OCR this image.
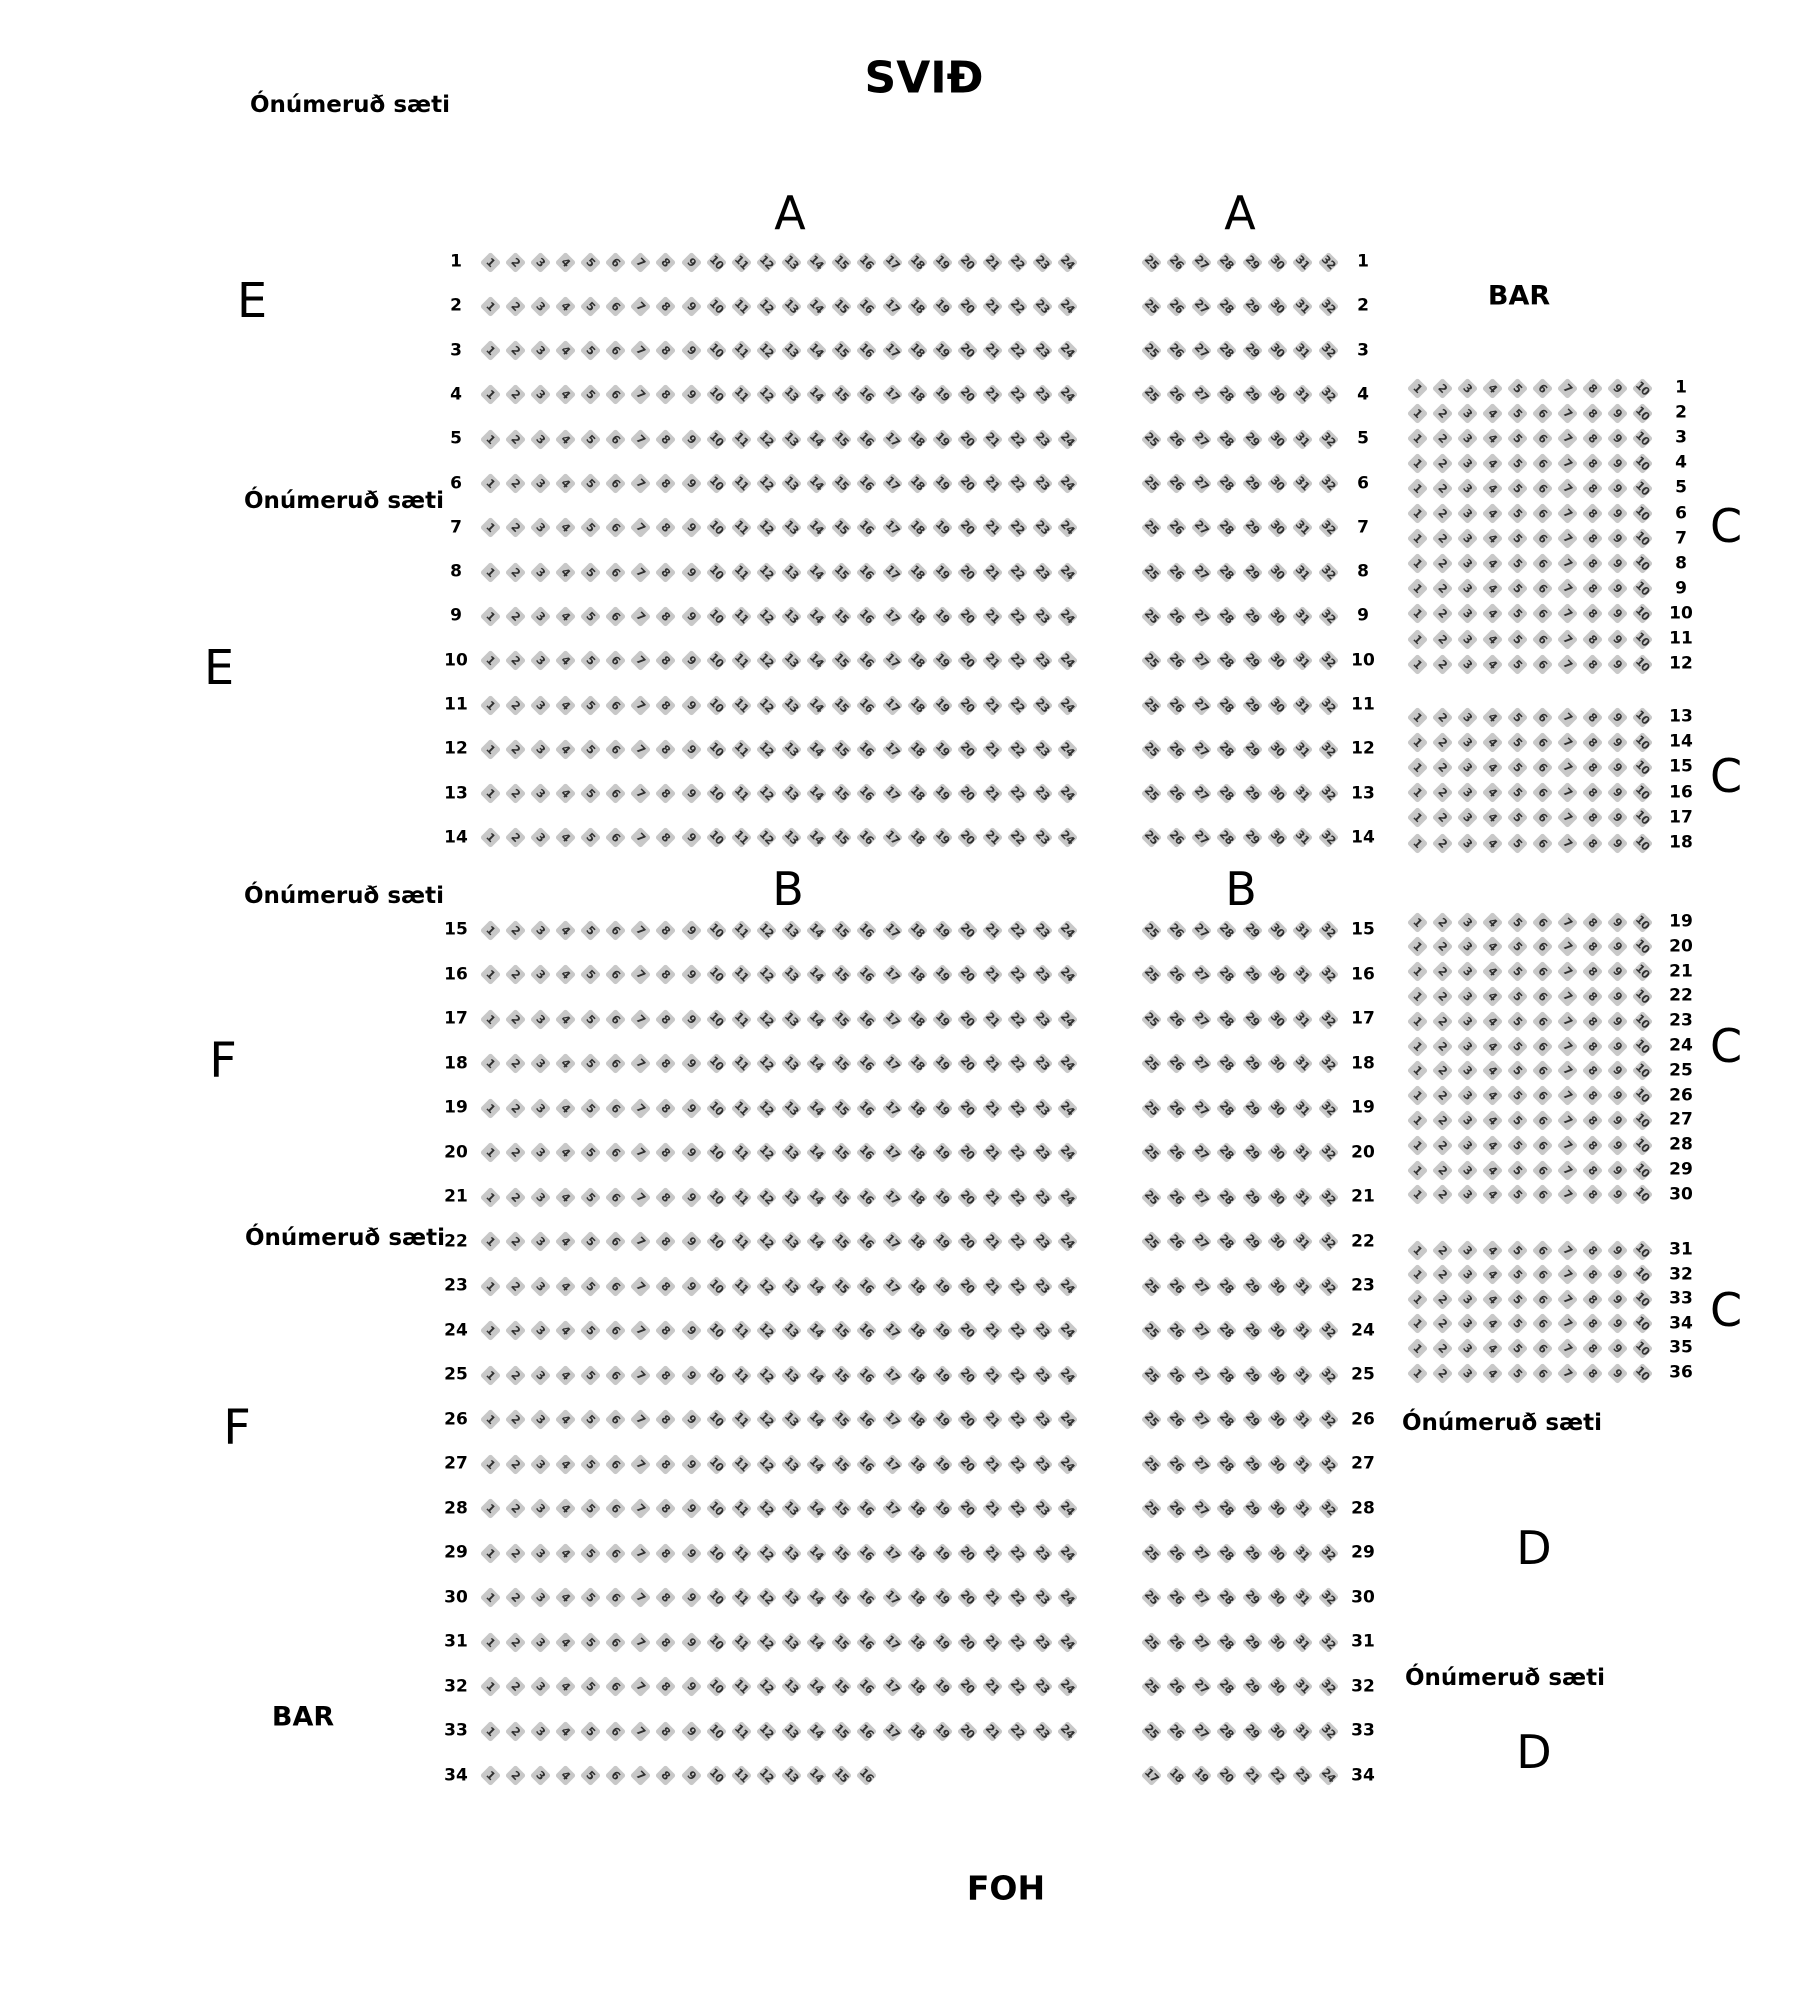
SVIÐ
FOH
1 2 3 4 5 6 7 8 9 10 11 12 13 14 15 16 17 18 19 20 21 22 23 24
1
1 2 3 4 5 6 7 8 9 10 11 12 13 14 15 16 17 18 19 20 21 22 23 24
2
1 2 3 4 5 6 7 8 9 10 11 12 13 14 15 16 17 18 19 20 21 22 23 24
3
1 2 3 4 5 6 7 8 9 10 11 12 13 14 15 16 17 18 19 20 21 22 23 24
4
1 2 3 4 5 6 7 8 9 10 11 12 13 14 15 16 17 18 19 20 21 22 23 24
5
1 2 3 4 5 6 7 8 9 10 11 12 13 14 15 16 17 18 19 20 21 22 23 24
6
1 2 3 4 5 6 7 8 9 10 11 12 13 14 15 16 17 18 19 20 21 22 23 24
7
1 2 3 4 5 6 7 8 9 10 11 12 13 14 15 16 17 18 19 20 21 22 23 24
8
1 2 3 4 5 6 7 8 9 10 11 12 13 14 15 16 17 18 19 20 21 22 23 24
9
1 2 3 4 5 6 7 8 9 10 11 12 13 14 15 16 17 18 19 20 21 22 23 24
10
1 2 3 4 5 6 7 8 9 10 11 12 13 14 15 16 17 18 19 20 21 22 23 24
11
1 2 3 4 5 6 7 8 9 10 11 12 13 14 15 16 17 18 19 20 21 22 23 24
12
1 2 3 4 5 6 7 8 9 10 11 12 13 14 15 16 17 18 19 20 21 22 23 24
13
1 2 3 4 5 6 7 8 9 10 11 12 13 14 15 16 17 18 19 20 21 22 23 24
14
25 26 27 28 29 30 31 32 1
25 26 27 28 29 30 31 32 2
25 26 27 28 29 30 31 32 3
25 26 27 28 29 30 31 32 4
25 26 27 28 29 30 31 32 5
25 26 27 28 29 30 31 32 6
25 26 27 28 29 30 31 32 7
25 26 27 28 29 30 31 32 8
25 26 27 28 29 30 31 32 9
25 26 27 28 29 30 31 32 10
25 26 27 28 29 30 31 32 11
25 26 27 28 29 30 31 32 12
25 26 27 28 29 30 31 32 13
25 26 27 28 29 30 31 32 14
1 2 3 4 5 6 7 8 9 10 11 12 13 14 15 16 17 18 19 20 21 22 23 24
15
1 2 3 4 5 6 7 8 9 10 11 12 13 14 15 16 17 18 19 20 21 22 23 24
16
1 2 3 4 5 6 7 8 9 10 11 12 13 14 15 16 17 18 19 20 21 22 23 24
17
1 2 3 4 5 6 7 8 9 10 11 12 13 14 15 16 17 18 19 20 21 22 23 24
18
1 2 3 4 5 6 7 8 9 10 11 12 13 14 15 16 17 18 19 20 21 22 23 24
19
1 2 3 4 5 6 7 8 9 10 11 12 13 14 15 16 17 18 19 20 21 22 23 24
20
1 2 3 4 5 6 7 8 9 10 11 12 13 14 15 16 17 18 19 20 21 22 23 24
21
1 2 3 4 5 6 7 8 9 10 11 12 13 14 15 16 17 18 19 20 21 22 23 24
22
1 2 3 4 5 6 7 8 9 10 11 12 13 14 15 16 17 18 19 20 21 22 23 24
23
1 2 3 4 5 6 7 8 9 10 11 12 13 14 15 16 17 18 19 20 21 22 23 24
24
1 2 3 4 5 6 7 8 9 10 11 12 13 14 15 16 17 18 19 20 21 22 23 24
25
1 2 3 4 5 6 7 8 9 10 11 12 13 14 15 16 17 18 19 20 21 22 23 24
26
1 2 3 4 5 6 7 8 9 10 11 12 13 14 15 16 17 18 19 20 21 22 23 24
27
1 2 3 4 5 6 7 8 9 10 11 12 13 14 15 16 17 18 19 20 21 22 23 24
28
1 2 3 4 5 6 7 8 9 10 11 12 13 14 15 16 17 18 19 20 21 22 23 24
29
1 2 3 4 5 6 7 8 9 10 11 12 13 14 15 16 17 18 19 20 21 22 23 24
30
1 2 3 4 5 6 7 8 9 10 11 12 13 14 15 16 17 18 19 20 21 22 23 24
31
1 2 3 4 5 6 7 8 9 10 11 12 13 14 15 16 17 18 19 20 21 22 23 24
32
1 2 3 4 5 6 7 8 9 10 11 12 13 14 15 16 17 18 19 20 21 22 23 24
33
1 2 3 4 5 6 7 8 9 10 11 12 13 14 15 16
34
25 26 27 28 29 30 31 32 15
25 26 27 28 29 30 31 32 16
25 26 27 28 29 30 31 32 17
25 26 27 28 29 30 31 32 18
25 26 27 28 29 30 31 32 19
25 26 27 28 29 30 31 32 20
25 26 27 28 29 30 31 32 21
25 26 27 28 29 30 31 32 22
25 26 27 28 29 30 31 32 23
25 26 27 28 29 30 31 32 24
25 26 27 28 29 30 31 32 25
25 26 27 28 29 30 31 32 26
25 26 27 28 29 30 31 32 27
25 26 27 28 29 30 31 32 28
25 26 27 28 29 30 31 32 29
25 26 27 28 29 30 31 32 30
25 26 27 28 29 30 31 32 31
25 26 27 28 29 30 31 32 32
25 26 27 28 29 30 31 32 33
17 18 19 20 21 22 23 24 34
1 2 3 4 5 6 7 8 9 10 1
1 2 3 4 5 6 7 8 9 10 2
1 2 3 4 5 6 7 8 9 10 3
1 2 3 4 5 6 7 8 9 10 4
1 2 3 4 5 6 7 8 9 10 5
1 2 3 4 5 6 7 8 9 10 6
1 2 3 4 5 6 7 8 9 10 7
1 2 3 4 5 6 7 8 9 10 8
1 2 3 4 5 6 7 8 9 10 9
1 2 3 4 5 6 7 8 9 10 10
1 2 3 4 5 6 7 8 9 10 11
1 2 3 4 5 6 7 8 9 10 12
1 2 3 4 5 6 7 8 9 10 13
1 2 3 4 5 6 7 8 9 10 14
1 2 3 4 5 6 7 8 9 10 15
1 2 3 4 5 6 7 8 9 10 16
1 2 3 4 5 6 7 8 9 10 17
1 2 3 4 5 6 7 8 9 10 18
1 2 3 4 5 6 7 8 9 10 19
1 2 3 4 5 6 7 8 9 10 20
1 2 3 4 5 6 7 8 9 10 21
1 2 3 4 5 6 7 8 9 10 22
1 2 3 4 5 6 7 8 9 10 23
1 2 3 4 5 6 7 8 9 10 24
1 2 3 4 5 6 7 8 9 10 25
1 2 3 4 5 6 7 8 9 10 26
1 2 3 4 5 6 7 8 9 10 27
1 2 3 4 5 6 7 8 9 10 28
1 2 3 4 5 6 7 8 9 10 29
1 2 3 4 5 6 7 8 9 10 30
1 2 3 4 5 6 7 8 9 10 31
1 2 3 4 5 6 7 8 9 10 32
1 2 3 4 5 6 7 8 9 10 33
1 2 3 4 5 6 7 8 9 10 34
1 2 3 4 5 6 7 8 9 10 35
1 2 3 4 5 6 7 8 9 10 36
A	A
B	B
C
C
C
C
D
D
E
E
F
F
BAR
BAR
Ónúmeruð sæti
Ónúmeruð sæti
Ónúmeruð sæti
Ónúmeruð sæti
Ónúmeruð sæti
Ónúmeruð sæti
